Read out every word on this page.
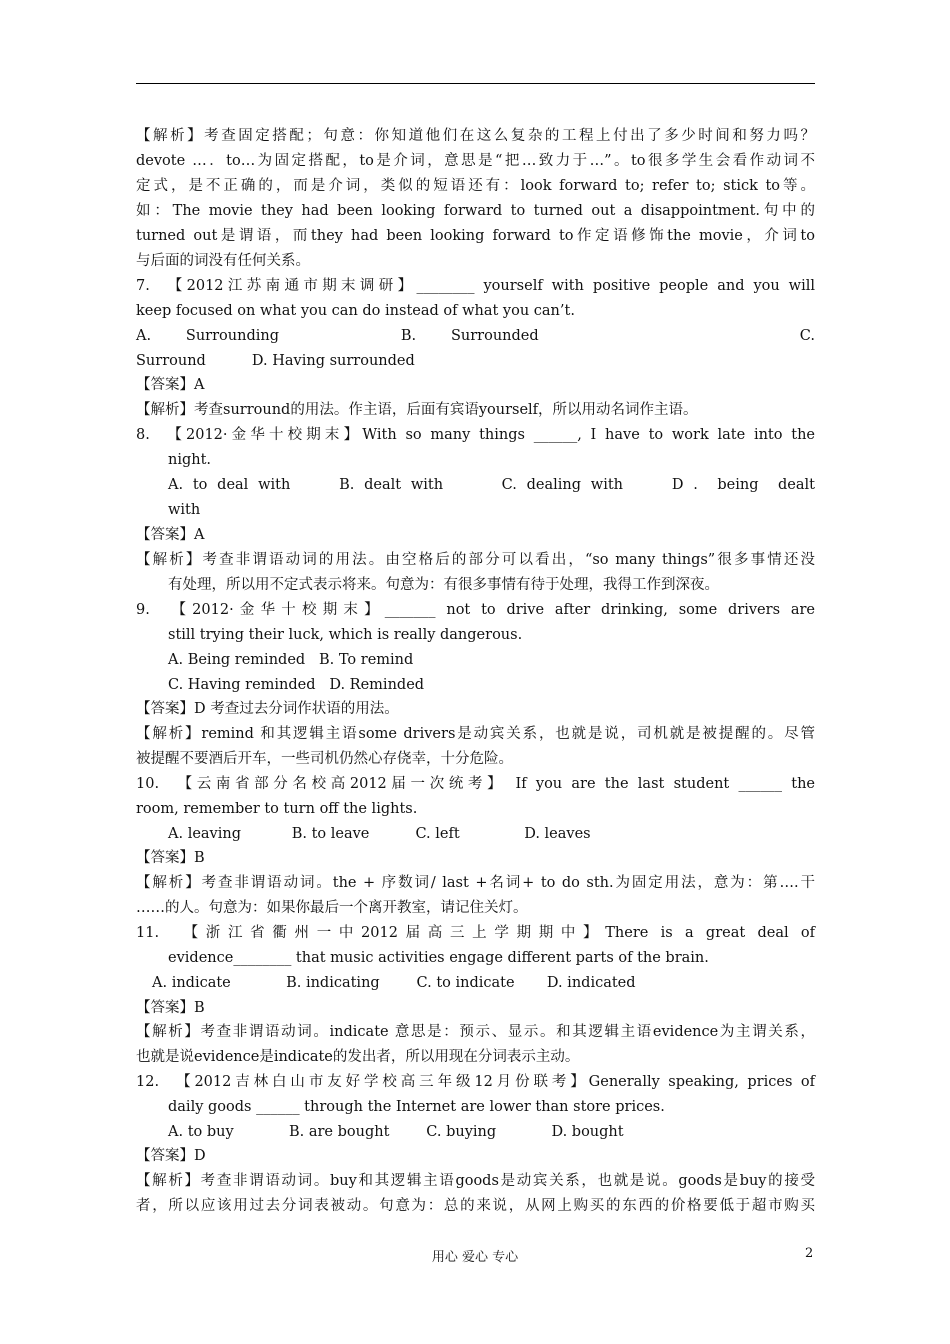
【解析】考查固定搭配；句意：你知道他们在这么复杂的工程上付出了多少时间和努力吗？
devote …．to…为固定搭配，to是介词，意思是“把…致力于…”。to很多学生会看作动词不
定式，是不正确的，而是介词，类似的短语还有：look forward to; refer to; stick to等。
如：The movie they had been looking forward to turned out a disappointment.句中的
turned out是谓语，而they had been looking forward to作定语修饰the movie，介词to
与后面的词没有任何关系。
7.  【2012江苏南通市期末调研】________ yourself with positive people and you will
keep focused on what you can do instead of what you can’t.
A.    Surrounding              B.    Surrounded                              C.
Surround          D. Having surrounded
【答案】A
【解析】考查surround的用法。作主语，后面有宾语yourself，所以用动名词作主语。
8.  【2012·金华十校期末】With so many things ______, I have to work late into the
night.
A. to deal with     B. dealt with      C. dealing with     D .  being  dealt
with
【答案】A
【解析】考查非谓语动词的用法。由空格后的部分可以看出，“so many things”很多事情还没
有处理，所以用不定式表示将来。句意为：有很多事情有待于处理，我得工作到深夜。
9.  【2012·金华十校期末】_______ not to drive after drinking, some drivers are
still trying their luck, which is really dangerous.
A. Being reminded   B. To remind
C. Having reminded   D. Reminded
【答案】D 考查过去分词作状语的用法。
【解析】remind 和其逻辑主语some drivers是动宾关系，也就是说，司机就是被提醒的。尽管
被提醒不要酒后开车，一些司机仍然心存侥幸，十分危险。
10.  【云南省部分名校高2012届一次统考】 If you are the last student ______ the
room, remember to turn off the lights.
A. leaving           B. to leave          C. left              D. leaves
【答案】B
【解析】考查非谓语动词。the + 序数词/ last +名词+ to do sth.为固定用法，意为：第….干
……的人。句意为：如果你最后一个离开教室，请记住关灯。
11.  【浙江省衢州一中2012届高三上学期期中】There is a great deal of
evidence________ that music activities engage different parts of the brain.
A. indicate            B. indicating        C. to indicate       D. indicated
【答案】B
【解析】考查非谓语动词。indicate 意思是：预示、显示。和其逻辑主语evidence为主谓关系，
也就是说evidence是indicate的发出者，所以用现在分词表示主动。
12.  【2012吉林白山市友好学校高三年级12月份联考】Generally speaking, prices of
daily goods ______ through the Internet are lower than store prices.
A. to buy            B. are bought        C. buying            D. bought
【答案】D
【解析】考查非谓语动词。buy和其逻辑主语goods是动宾关系，也就是说。goods是buy的接受
者，所以应该用过去分词表被动。句意为：总的来说，从网上购买的东西的价格要低于超市购买
用心 爱心 专心	2
